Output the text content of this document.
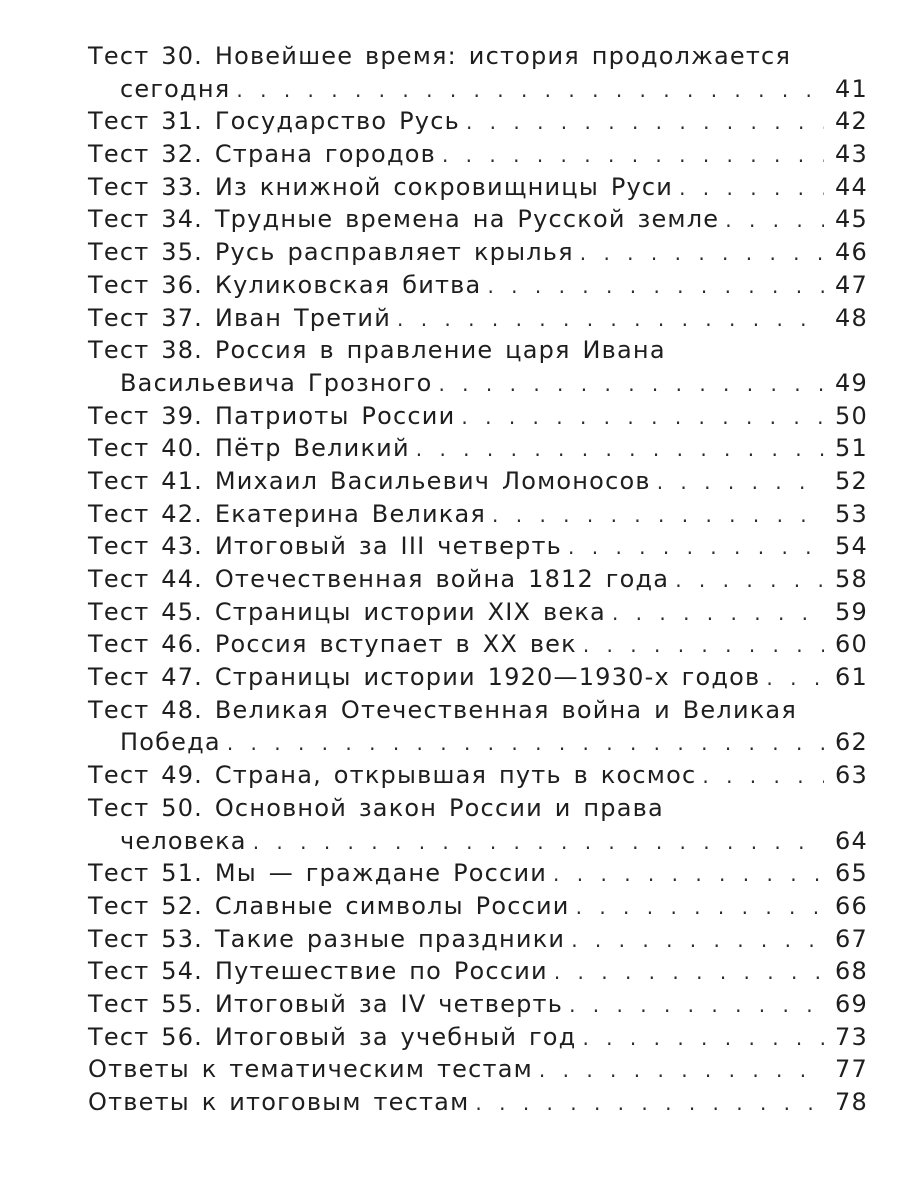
Тест 30. Новейшее время: история продолжается
сегодня . . .	41
Тест 31. Государство Русь . . .	42
Тест 32. Страна городов . . .	43
Тест 33. Из книжной сокровищницы Руси . . .	44
Тест 34. Трудные времена на Русской земле . . .	45
Тест 35. Русь расправляет крылья . . .	46
Тест 36. Куликовская битва . . .	47
Тест 37. Иван Третий . . .	48
Тест 38. Россия в правление царя Ивана
Васильевича Грозного . . .	49
Тест 39. Патриоты России . . .	50
Тест 40. Пётр Великий . . .	51
Тест 41. Михаил Васильевич Ломоносов . . .	52
Тест 42. Екатерина Великая . . .	53
Тест 43. Итоговый за III четверть . . .	54
Тест 44. Отечественная война 1812 года . . .	58
Тест 45. Страницы истории XIX века . . .	59
Тест 46. Россия вступает в XX век . . .	60
Тест 47. Страницы истории 1920—1930-х годов . . .	61
Тест 48. Великая Отечественная война и Великая
Победа . . .	62
Тест 49. Страна, открывшая путь в космос . . .	63
Тест 50. Основной закон России и права
человека . . .	64
Тест 51. Мы — граждане России . . .	65
Тест 52. Славные символы России . . .	66
Тест 53. Такие разные праздники . . .	67
Тест 54. Путешествие по России . . .	68
Тест 55. Итоговый за IV четверть . . .	69
Тест 56. Итоговый за учебный год . . .	73
Ответы к тематическим тестам . . .	77
Ответы к итоговым тестам . . .	78
